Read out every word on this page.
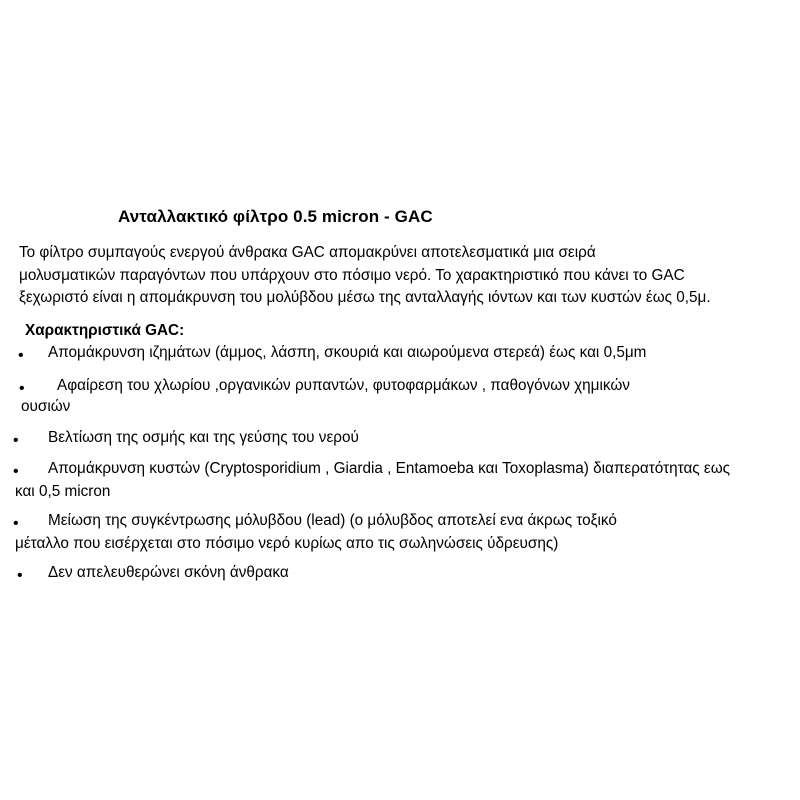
Ανταλλακτικό φίλτρο 0.5 micron - GAC
Το φίλτρο συμπαγούς ενεργού άνθρακα GAC απομακρύνει αποτελεσματικά μια σειρά
μολυσματικών παραγόντων που υπάρχουν στο πόσιμο νερό. Το χαρακτηριστικό που κάνει το GAC
ξεχωριστό είναι η απομάκρυνση του μολύβδου μέσω της ανταλλαγής ιόντων και των κυστών έως 0,5μ.
Χαρακτηριστικά GAC:
• Απομάκρυνση ιζημάτων (άμμος, λάσπη, σκουριά και αιωρούμενα στερεά) έως και 0,5μm
•	Αφαίρεση του χλωρίου ,οργανικών ρυπαντών, φυτοφαρμάκων , παθογόνων χημικών
ουσιών
• Βελτίωση της οσμής και της γεύσης του νερού
•	Απομάκρυνση κυστών (Cryptosporidium , Giardia , Entamoeba και Toxoplasma) διαπερατότητας εως
και 0,5 micron
•	Μείωση της συγκέντρωσης μόλυβδου (lead) (ο μόλυβδος αποτελεί ενα άκρως τοξικό
μέταλλο που εισέρχεται στο πόσιμο νερό κυρίως απο τις σωληνώσεις ύδρευσης)
• Δεν απελευθερώνει σκόνη άνθρακα
